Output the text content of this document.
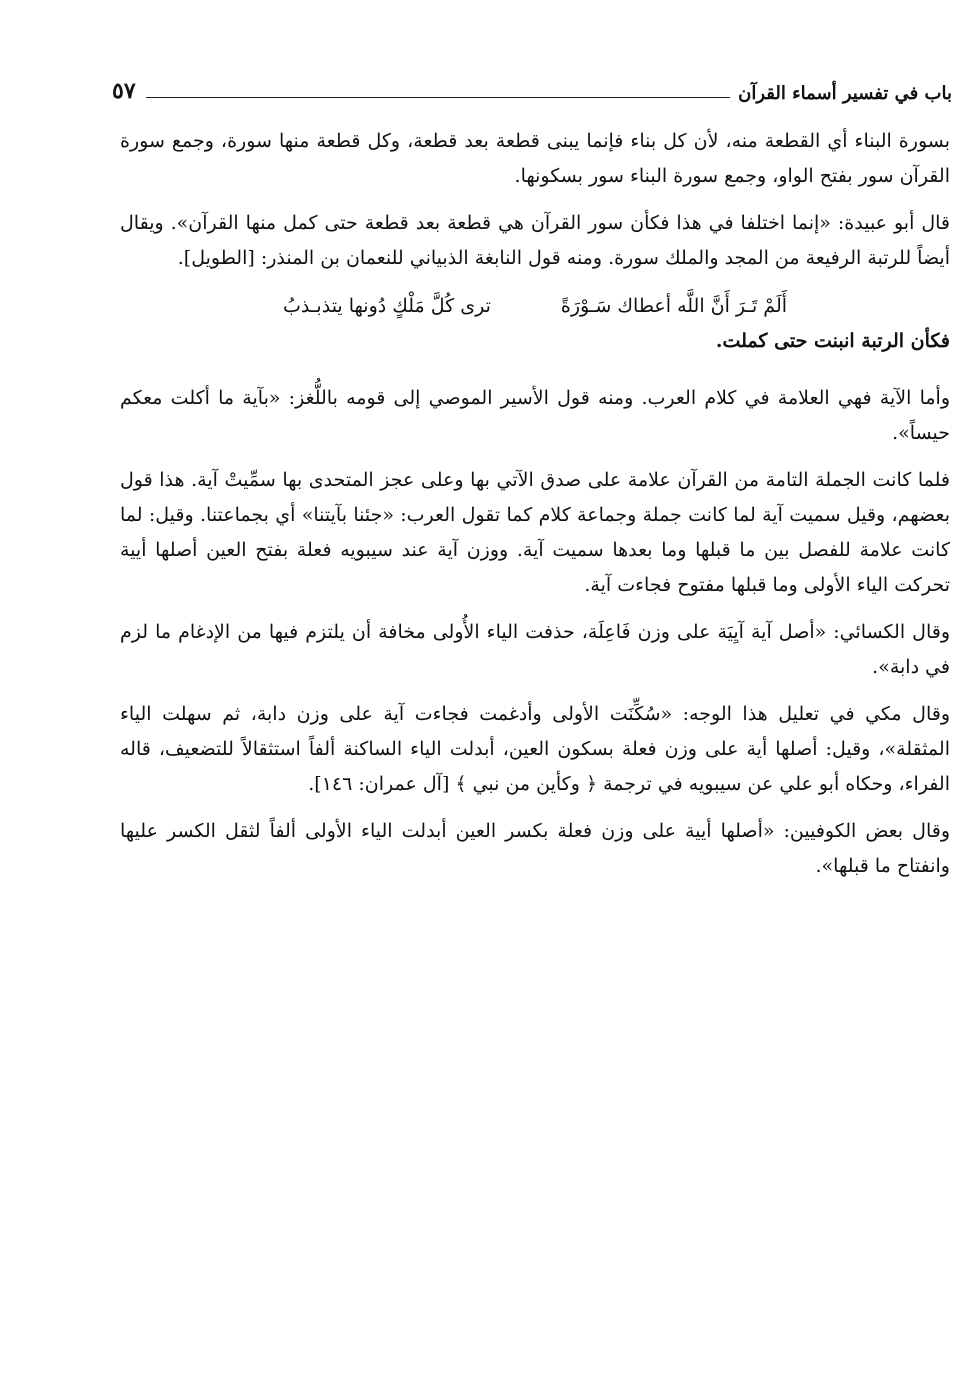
باب في تفسير أسماء القرآن
٥٧

بسورة البناء أي القطعة منه، لأن كل بناء فإنما يبنى قطعة بعد قطعة، وكل قطعة منها سورة، وجمع سورة القرآن سور بفتح الواو، وجمع سورة البناء سور بسكونها.

قال أبو عبيدة: «إنما اختلفا في هذا فكأن سور القرآن هي قطعة بعد قطعة حتى كمل منها القرآن». ويقال أيضاً للرتبة الرفيعة من المجد والملك سورة. ومنه قول النابغة الذبياني للنعمان بن المنذر: [الطويل].

أَلَمْ تَـرَ أَنَّ اللَّه أعطاك سَـوْرَةً
ترى كُلَّ مَلْكٍ دُونها يتذبـذبُ

فكأن الرتبة انبنت حتى كملت.

وأما الآية فهي العلامة في كلام العرب. ومنه قول الأسير الموصي إلى قومه باللُّغز: «بآية ما أكلت معكم حيساً».

فلما كانت الجملة التامة من القرآن علامة على صدق الآتي بها وعلى عجز المتحدى بها سمِّيتْ آية. هذا قول بعضهم، وقيل سميت آية لما كانت جملة وجماعة كلام كما تقول العرب: «جئنا بآيتنا» أي بجماعتنا. وقيل: لما كانت علامة للفصل بين ما قبلها وما بعدها سميت آية. ووزن آية عند سيبويه فعلة بفتح العين أصلها أيية تحركت الياء الأولى وما قبلها مفتوح فجاءت آية.

وقال الكسائي: «أصل آية آيِيَة على وزن فَاعِلَة، حذفت الياء الأُولى مخافة أن يلتزم فيها من الإدغام ما لزم في دابة».

وقال مكي في تعليل هذا الوجه: «سُكِّنَت الأولى وأدغمت فجاءت آية على وزن دابة، ثم سهلت الياء المثقلة»، وقيل: أصلها أية على وزن فعلة بسكون العين، أبدلت الياء الساكنة ألفاً استثقالاً للتضعيف، قاله الفراء، وحكاه أبو علي عن سيبويه في ترجمة ﴿ وكأين من نبي ﴾ [آل عمران: ١٤٦].

وقال بعض الكوفيين: «أصلها أيية على وزن فعلة بكسر العين أبدلت الياء الأولى ألفاً لثقل الكسر عليها وانفتاح ما قبلها».
